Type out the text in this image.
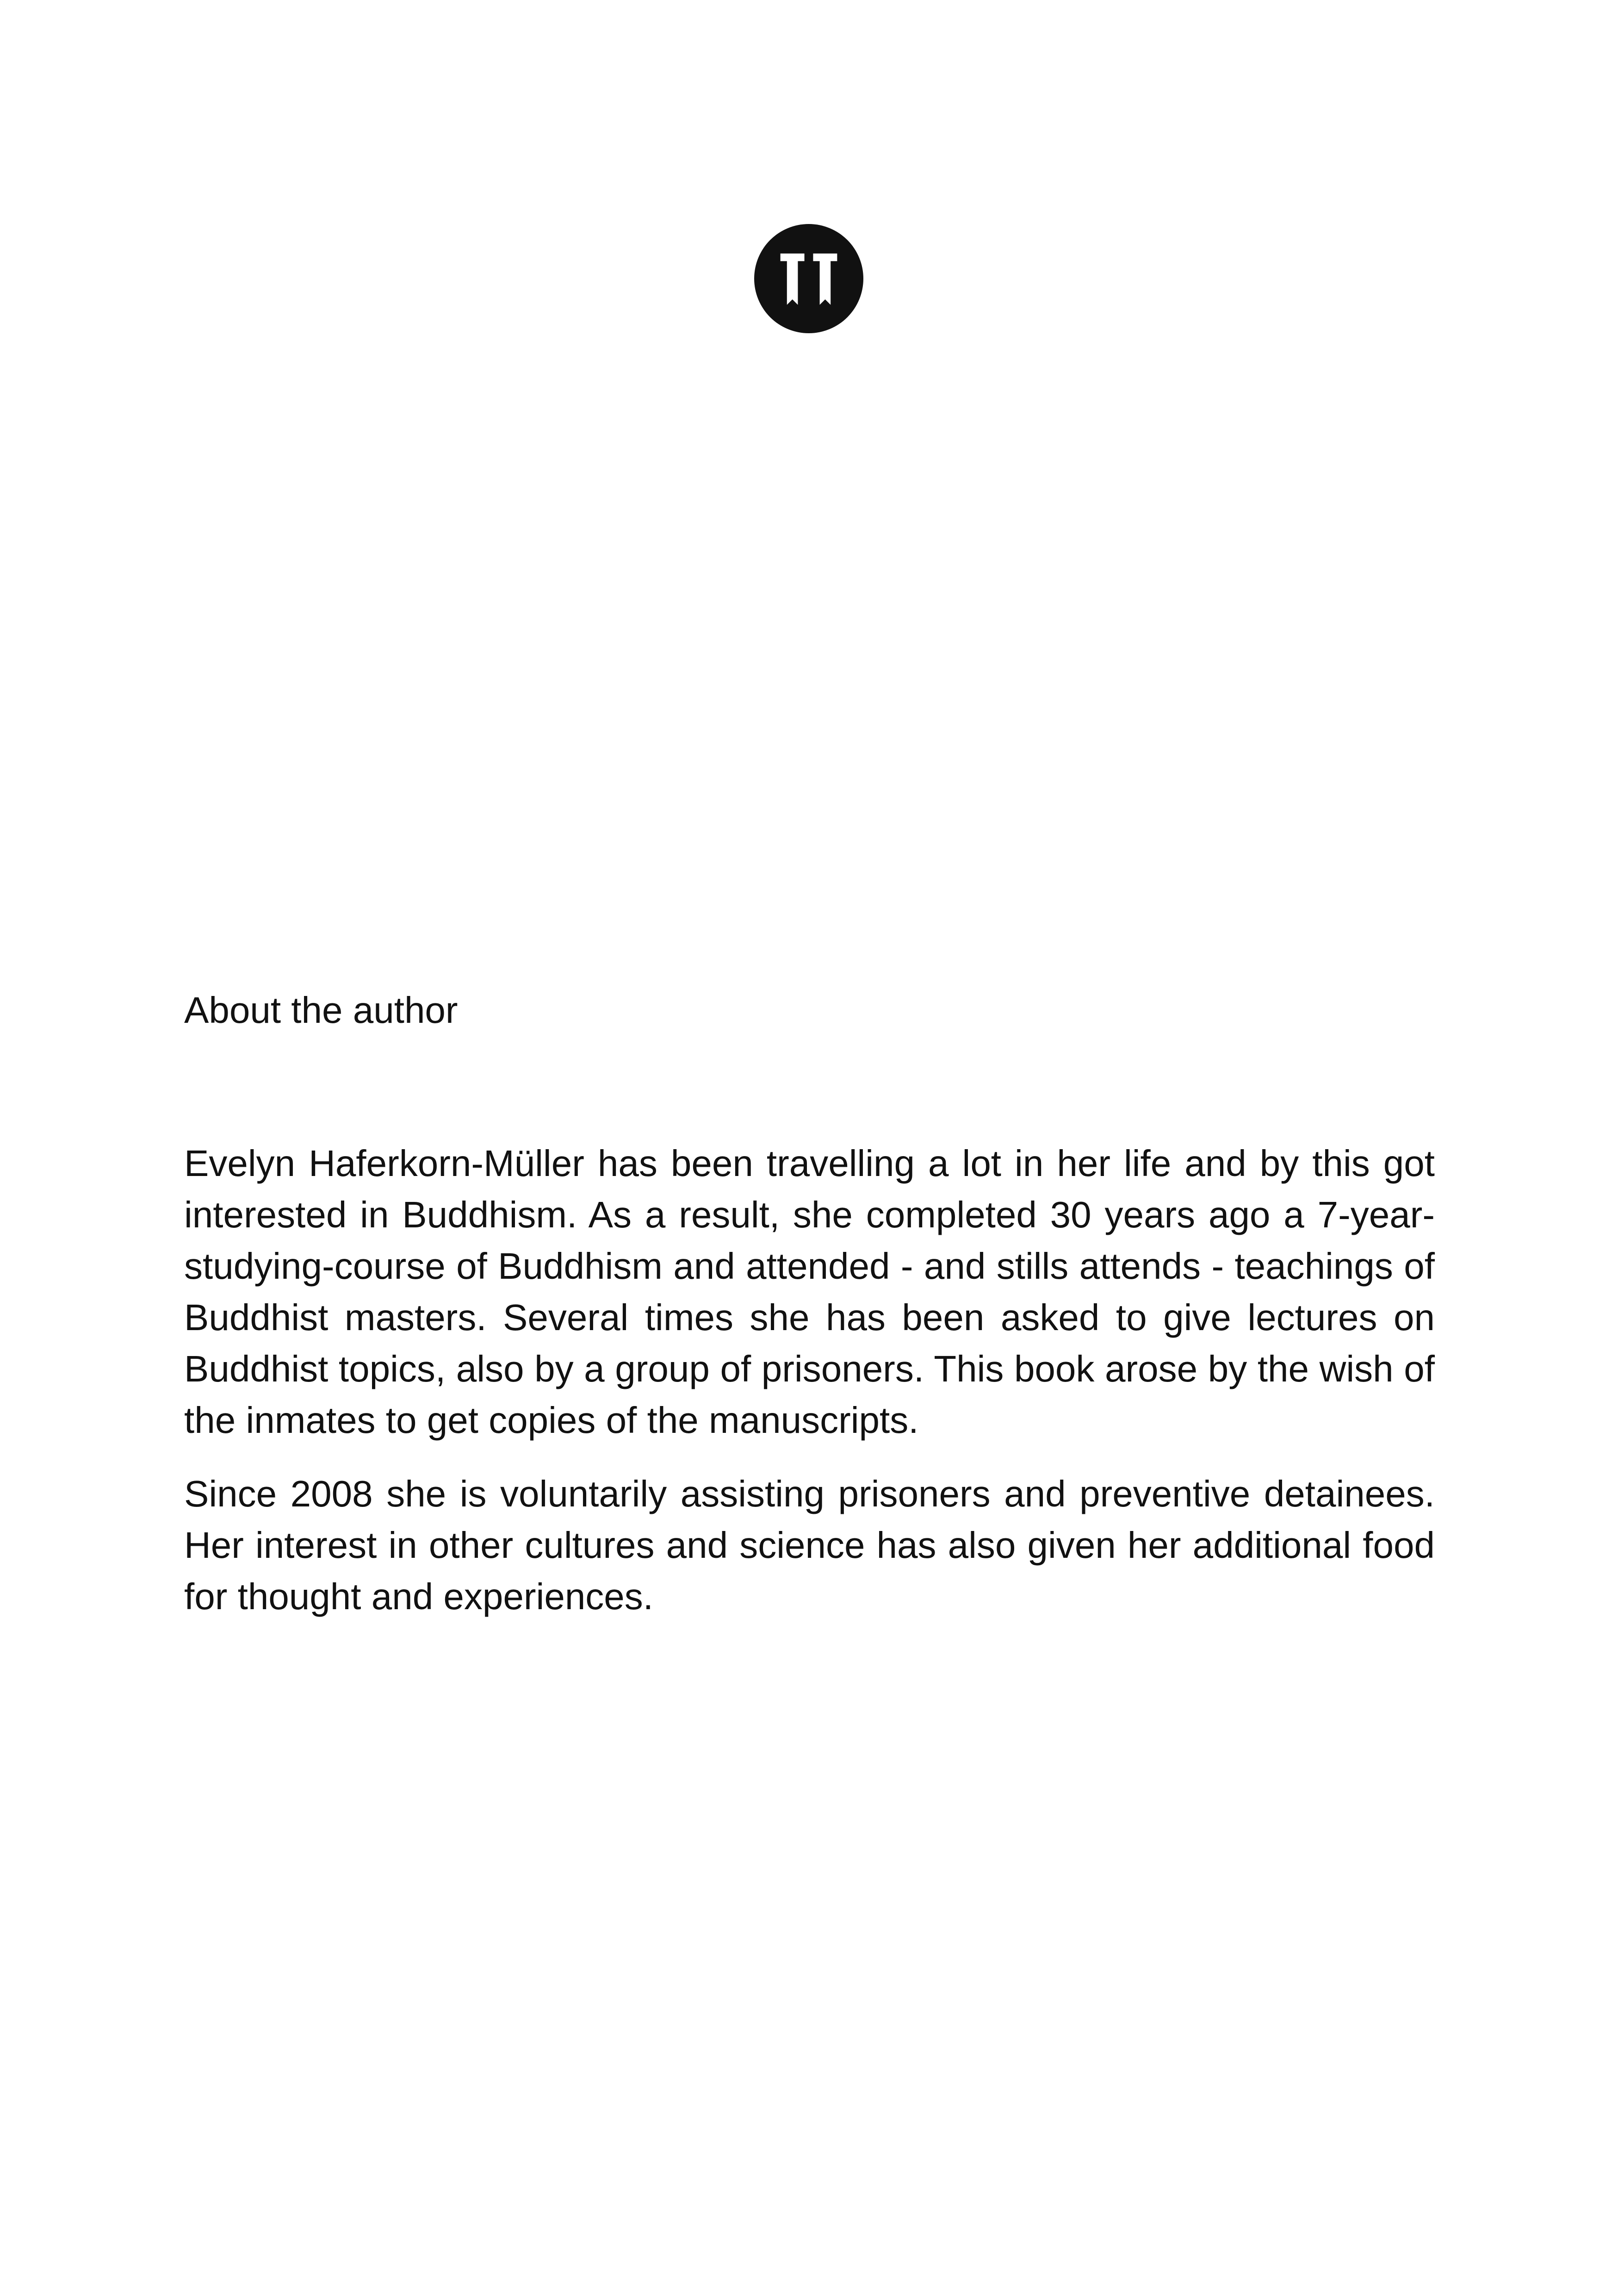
About the author

Evelyn Haferkorn-Müller has been travelling a lot in her life and by this got interested in Buddhism. As a result, she completed 30 years ago a 7-year-studying-course of Buddhism and attended - and stills attends - teachings of Buddhist masters. Several times she has been asked to give lectures on Buddhist topics, also by a group of prisoners. This book arose by the wish of the inmates to get copies of the manuscripts.

Since 2008 she is voluntarily assisting prisoners and preventive detainees. Her interest in other cultures and science has also given her additional food for thought and experiences.
